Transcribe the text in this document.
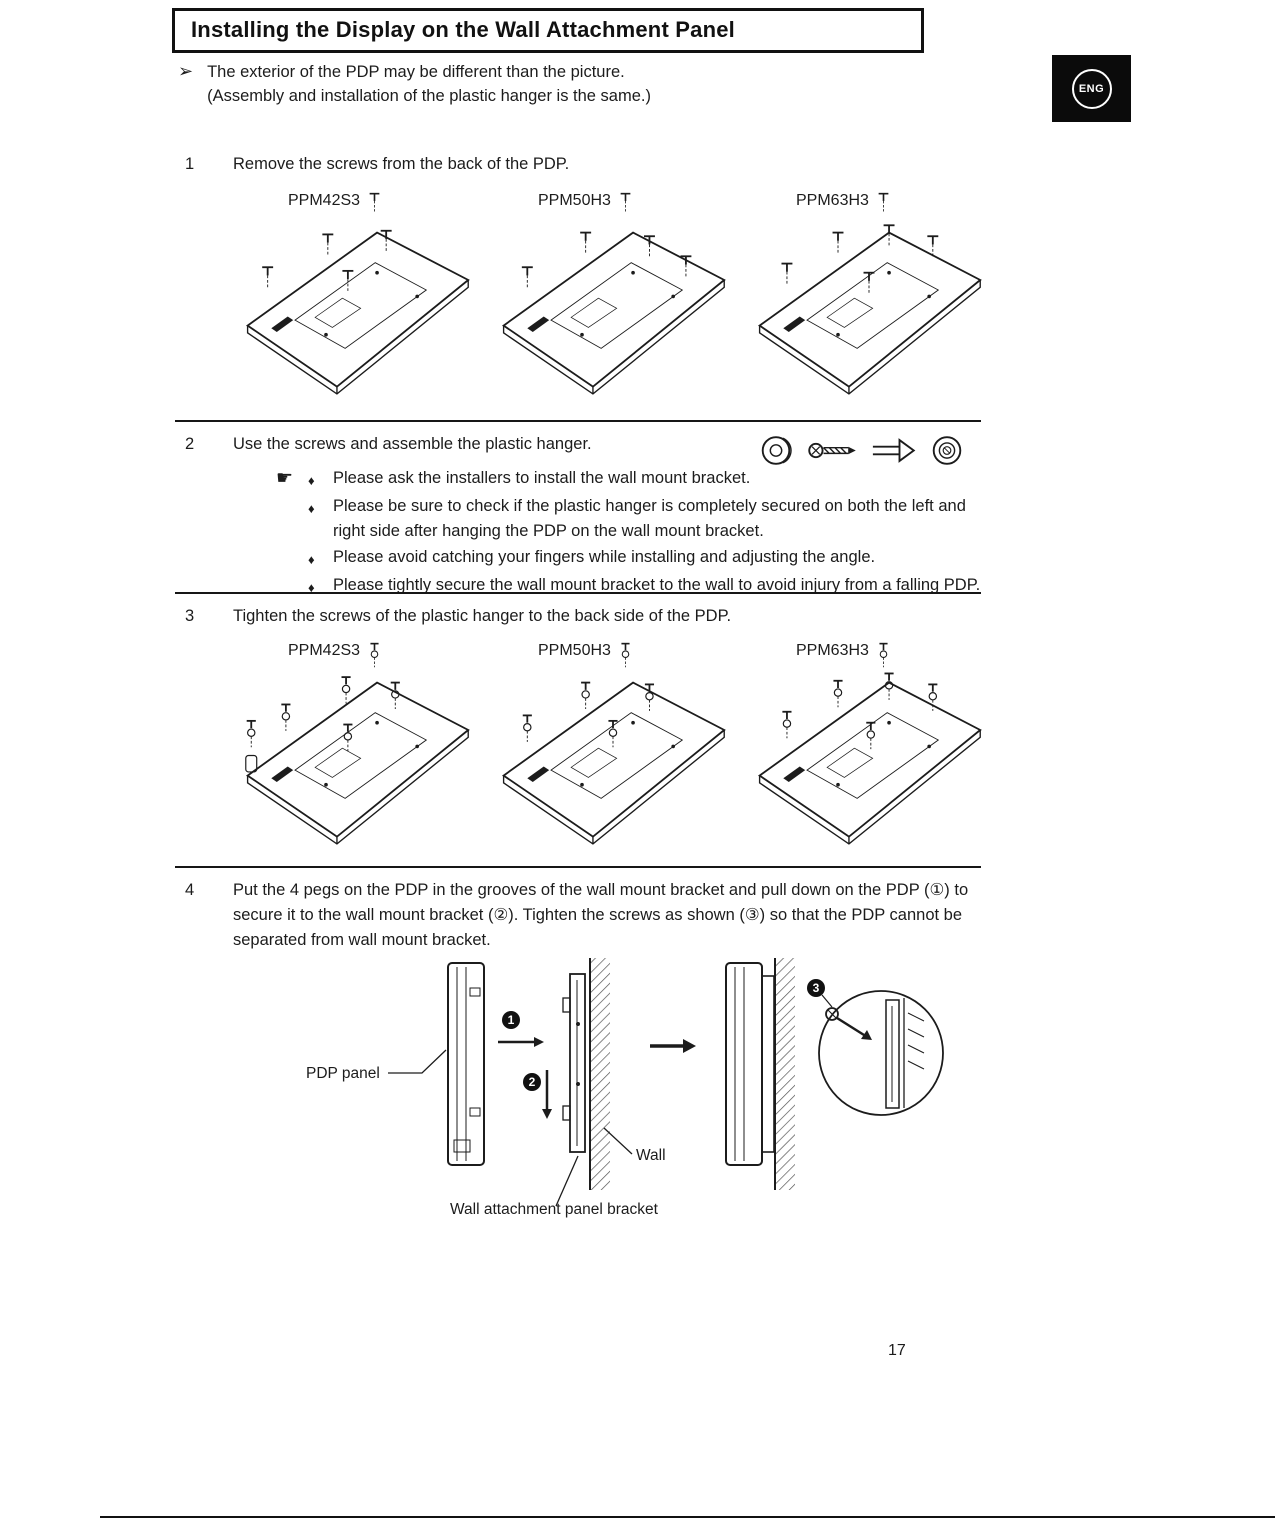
Installing the Display on the Wall Attachment Panel
ENG
➢ The exterior of the PDP may be different than the picture.
(Assembly and installation of the plastic hanger is the same.)
1	Remove the screws from the back of the PDP.
PPM42S3	PPM50H3	PPM63H3
2	Use the screws and assemble the plastic hanger.
☛ ♦	Please ask the installers to install the wall mount bracket.
♦	Please be sure to check if the plastic hanger is completely secured on both the left and right side after hanging the PDP on the wall mount bracket.
♦	Please avoid catching your fingers while installing and adjusting the angle.
♦	Please tightly secure the wall mount bracket to the wall to avoid injury from a falling PDP.
3	Tighten the screws of the plastic hanger to the back side of the PDP.
PPM42S3	PPM50H3	PPM63H3
4	Put the 4 pegs on the PDP in the grooves of the wall mount bracket and pull down on the PDP (①) to secure it to the wall mount bracket (②). Tighten the screws as shown (③) so that the PDP cannot be separated from wall mount bracket.
PDP panel
1
2
Wall
3
Wall attachment panel bracket
17
